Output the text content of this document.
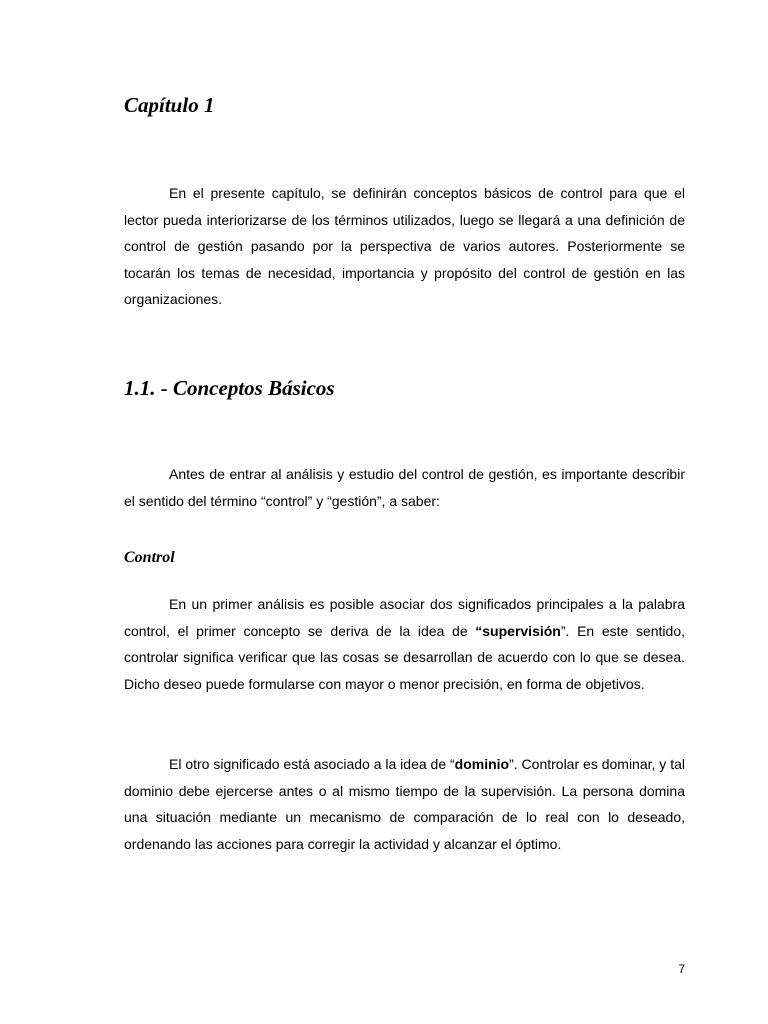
Capítulo 1

En el presente capítulo, se definirán conceptos básicos de control para que el lector pueda interiorizarse de los términos utilizados, luego se llegará a una definición de control de gestión pasando por la perspectiva de varios autores. Posteriormente se tocarán los temas de necesidad, importancia y propósito del control de gestión en las organizaciones.

1.1. - Conceptos Básicos

Antes de entrar al análisis y estudio del control de gestión, es importante describir el sentido del término “control” y “gestión”, a saber:

Control

En un primer análisis es posible asociar dos significados principales a la palabra control, el primer concepto se deriva de la idea de “supervisión”. En este sentido, controlar significa verificar que las cosas se desarrollan de acuerdo con lo que se desea. Dicho deseo puede formularse con mayor o menor precisión, en forma de objetivos.

El otro significado está asociado a la idea de “dominio”. Controlar es dominar, y tal dominio debe ejercerse antes o al mismo tiempo de la supervisión. La persona domina una situación mediante un mecanismo de comparación de lo real con lo deseado, ordenando las acciones para corregir la actividad y alcanzar el óptimo.

7
